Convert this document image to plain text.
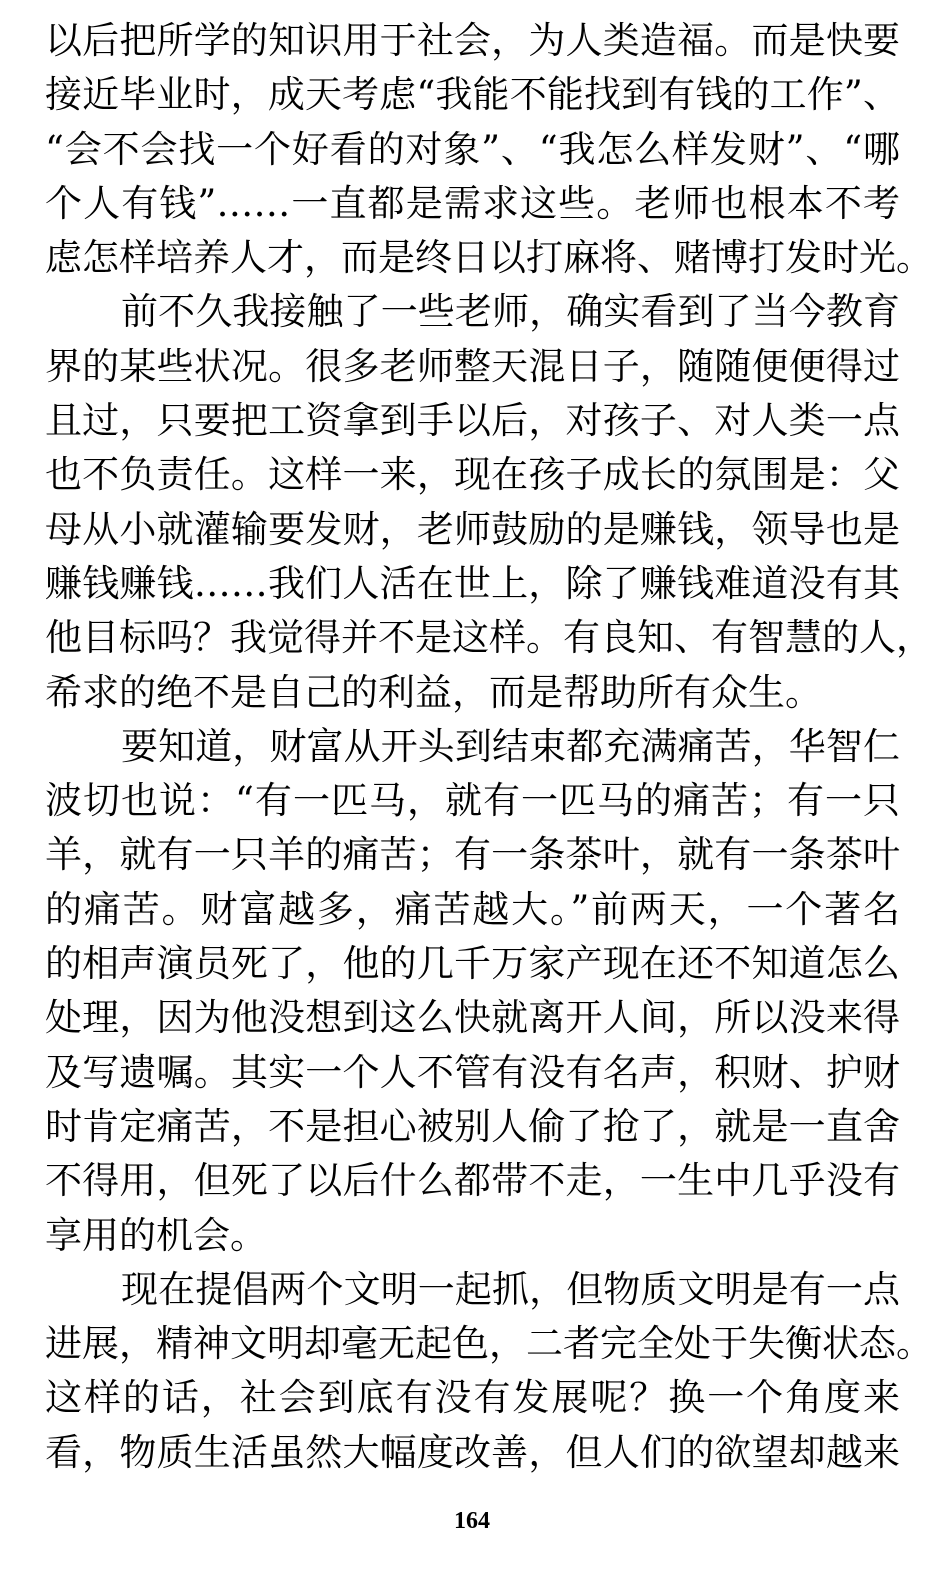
以后把所学的知识用于社会，为人类造福。而是快要
接近毕业时，成天考虑“我能不能找到有钱的工作”、
“会不会找一个好看的对象”、“我怎么样发财”、“哪
个人有钱”……一直都是需求这些。老师也根本不考
虑怎样培养人才，而是终日以打麻将、赌博打发时光。
前不久我接触了一些老师，确实看到了当今教育
界的某些状况。很多老师整天混日子，随随便便得过
且过，只要把工资拿到手以后，对孩子、对人类一点
也不负责任。这样一来，现在孩子成长的氛围是：父
母从小就灌输要发财，老师鼓励的是赚钱，领导也是
赚钱赚钱……我们人活在世上，除了赚钱难道没有其
他目标吗？我觉得并不是这样。有良知、有智慧的人，
希求的绝不是自己的利益，而是帮助所有众生。
要知道，财富从开头到结束都充满痛苦，华智仁
波切也说：“有一匹马，就有一匹马的痛苦；有一只
羊，就有一只羊的痛苦；有一条茶叶，就有一条茶叶
的痛苦。财富越多，痛苦越大。”前两天，一个著名
的相声演员死了，他的几千万家产现在还不知道怎么
处理，因为他没想到这么快就离开人间，所以没来得
及写遗嘱。其实一个人不管有没有名声，积财、护财
时肯定痛苦，不是担心被别人偷了抢了，就是一直舍
不得用，但死了以后什么都带不走，一生中几乎没有
享用的机会。
现在提倡两个文明一起抓，但物质文明是有一点
进展，精神文明却毫无起色，二者完全处于失衡状态。
这样的话，社会到底有没有发展呢？换一个角度来
看，物质生活虽然大幅度改善，但人们的欲望却越来
164
